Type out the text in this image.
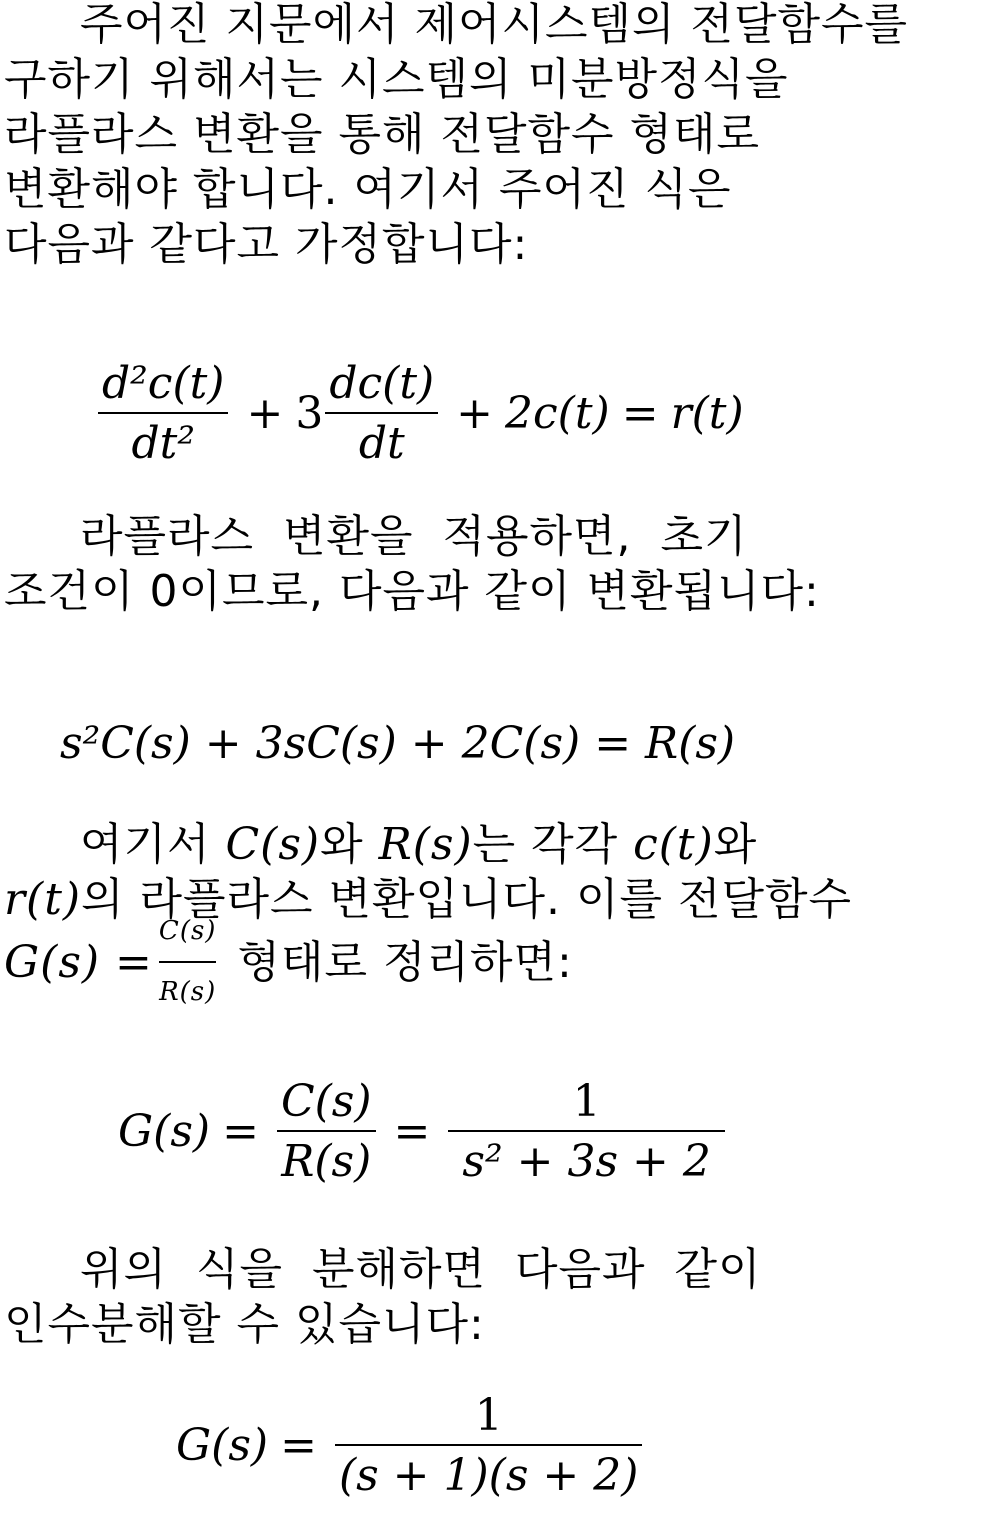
주어진 지문에서 제어시스템의 전달함수를
구하기 위해서는 시스템의 미분방정식을
라플라스 변환을 통해 전달함수 형태로
변환해야 합니다. 여기서 주어진 식은
다음과 같다고 가정합니다:
$\frac{\text{d²c(t)}}{\text{dt²}} + 3 \frac{dc(t)}{dt} + 2c(t) = r(t)$
라플라스 변환을 적용하면, 초기
조건이 0이므로, 다음과 같이 변환됩니다:
s²C(s) + 3sC(s) + 2C(s) = R(s)
여기서 C(s)와 R(s)는 각각 c(t)와
r(t)의 라플라스 변환입니다. 이를 전달함수
$G(s) = \frac{C(s)}{R(s)}$ 형태로 정리하면:
$G(s) = \frac{C(s)}{R(s)} = \frac{1}{\text{s² + 3s + 2}}$
위의 식을 분해하면 다음과 같이
인수분해할 수 있습니다:
$G(s) = \frac{1}{(s + 1)(s + 2)}$
